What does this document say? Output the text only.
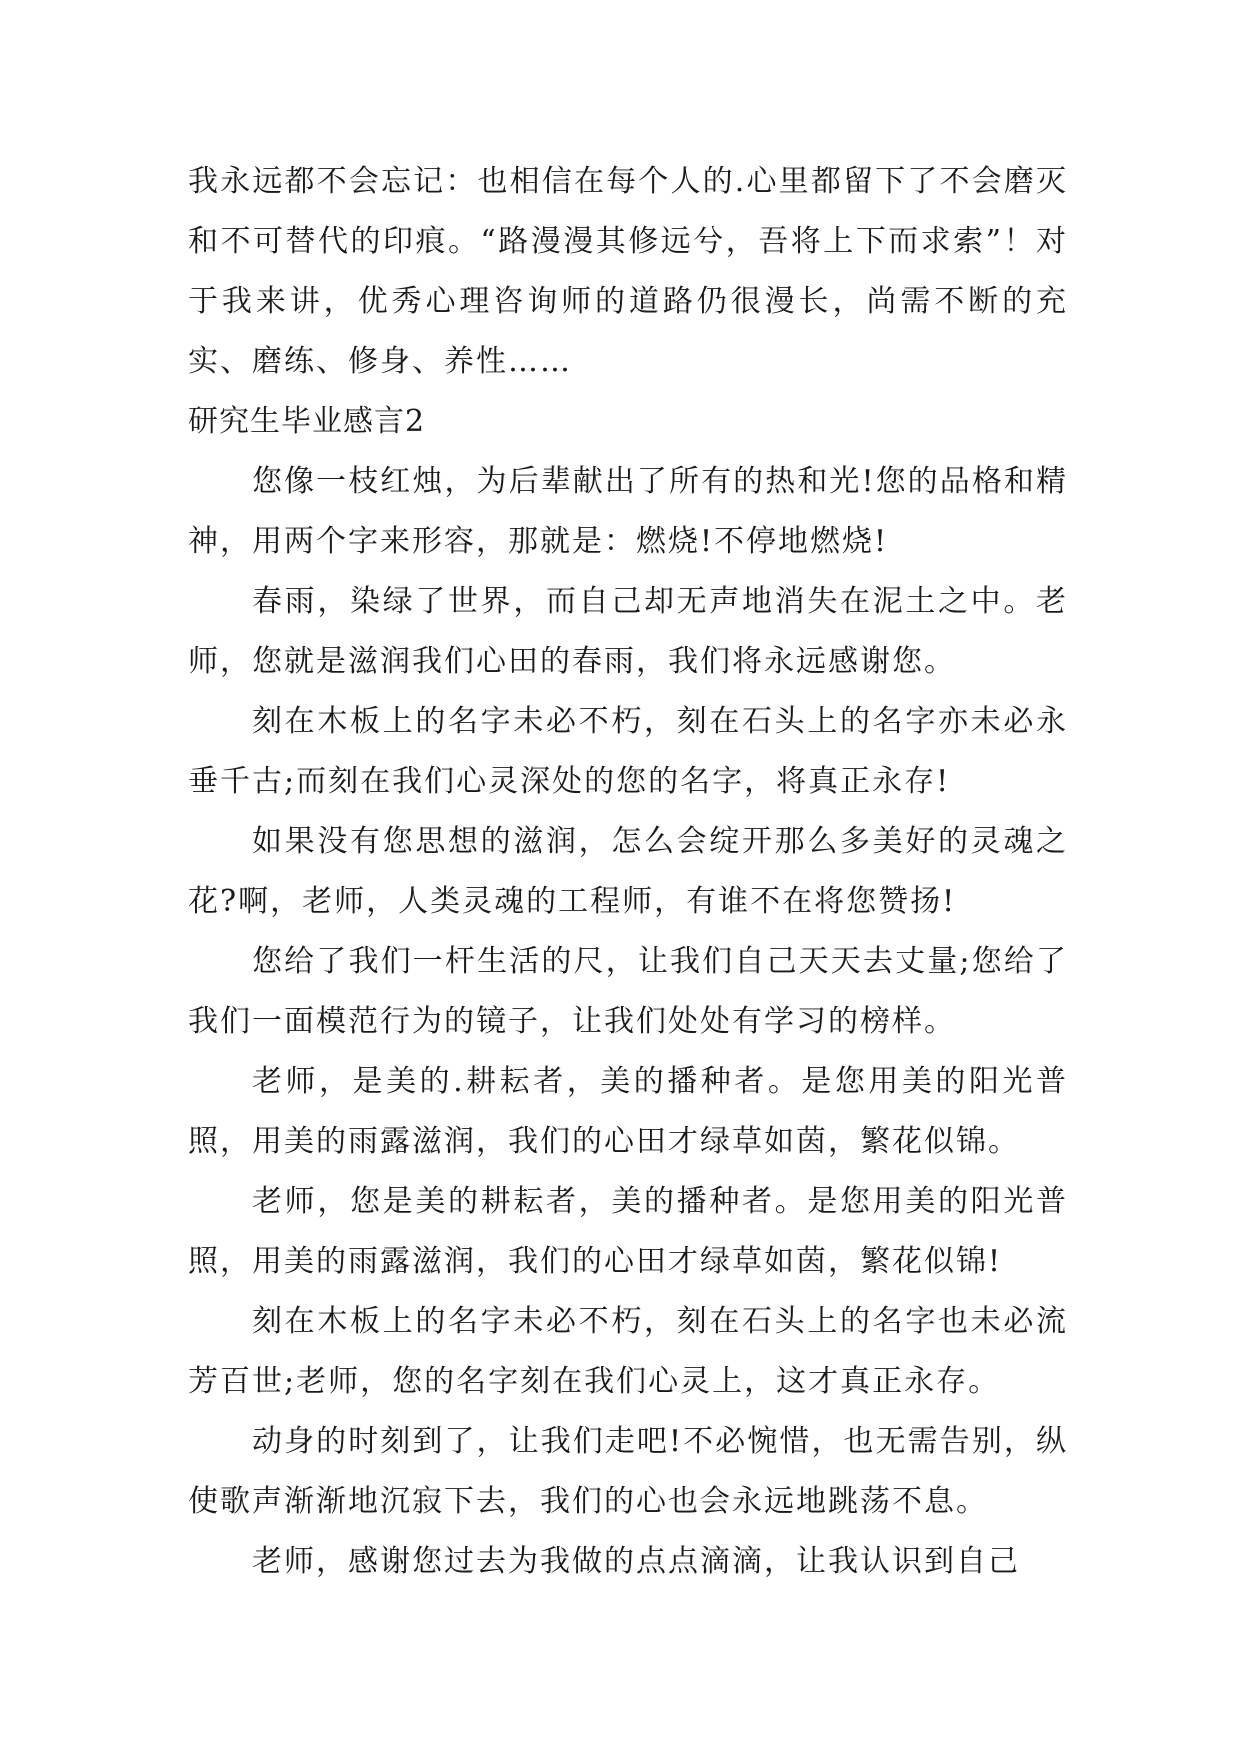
我永远都不会忘记：也相信在每个人的.心里都留下了不会磨灭和不可替代的印痕。“路漫漫其修远兮，吾将上下而求索”！对于我来讲，优秀心理咨询师的道路仍很漫长，尚需不断的充实、磨练、修身、养性……

研究生毕业感言2

您像一枝红烛，为后辈献出了所有的热和光!您的品格和精神，用两个字来形容，那就是：燃烧!不停地燃烧!

春雨，染绿了世界，而自己却无声地消失在泥土之中。老师，您就是滋润我们心田的春雨，我们将永远感谢您。

刻在木板上的名字未必不朽，刻在石头上的名字亦未必永垂千古;而刻在我们心灵深处的您的名字，将真正永存!

如果没有您思想的滋润，怎么会绽开那么多美好的灵魂之花?啊，老师，人类灵魂的工程师，有谁不在将您赞扬!

您给了我们一杆生活的尺，让我们自己天天去丈量;您给了我们一面模范行为的镜子，让我们处处有学习的榜样。

老师，是美的.耕耘者，美的播种者。是您用美的阳光普照，用美的雨露滋润，我们的心田才绿草如茵，繁花似锦。

老师，您是美的耕耘者，美的播种者。是您用美的阳光普照，用美的雨露滋润，我们的心田才绿草如茵，繁花似锦!

刻在木板上的名字未必不朽，刻在石头上的名字也未必流芳百世;老师，您的名字刻在我们心灵上，这才真正永存。

动身的时刻到了，让我们走吧!不必惋惜，也无需告别，纵使歌声渐渐地沉寂下去，我们的心也会永远地跳荡不息。

老师，感谢您过去为我做的点点滴滴，让我认识到自己
